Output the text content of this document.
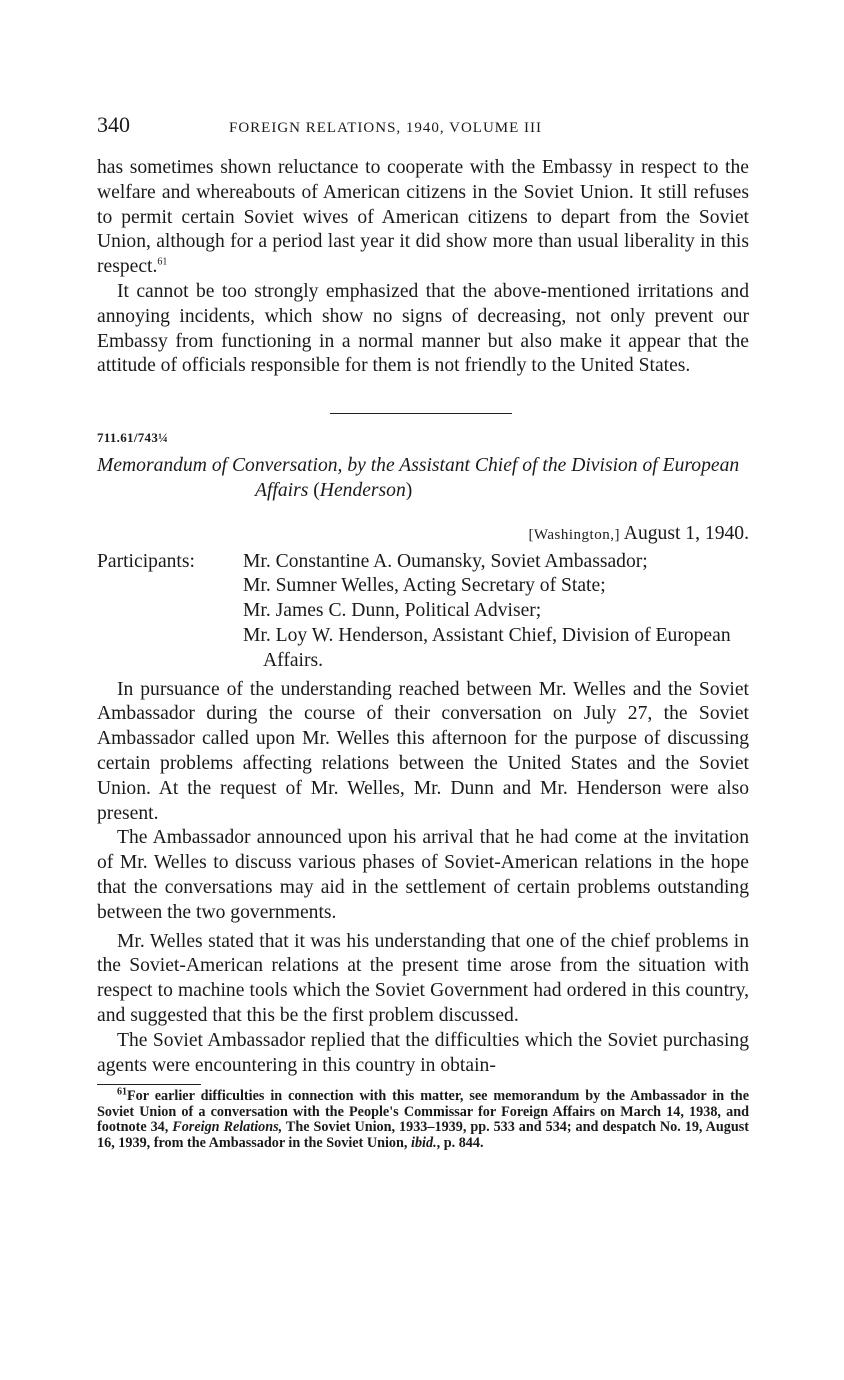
340	FOREIGN RELATIONS, 1940, VOLUME III

has sometimes shown reluctance to cooperate with the Embassy in respect to the welfare and whereabouts of American citizens in the Soviet Union. It still refuses to permit certain Soviet wives of American citizens to depart from the Soviet Union, although for a period last year it did show more than usual liberality in this respect.$^{61}$

It cannot be too strongly emphasized that the above-mentioned irritations and annoying incidents, which show no signs of decreasing, not only prevent our Embassy from functioning in a normal manner but also make it appear that the attitude of officials responsible for them is not friendly to the United States.

711.61/743¼
Memorandum of Conversation, by the Assistant Chief of the Division of European Affairs (Henderson)
[Washington,] August 1, 1940.
Participants:	Mr. Constantine A. Oumansky, Soviet Ambassador;
Mr. Sumner Welles, Acting Secretary of State;
Mr. James C. Dunn, Political Adviser;
Mr. Loy W. Henderson, Assistant Chief, Division of European Affairs.

In pursuance of the understanding reached between Mr. Welles and the Soviet Ambassador during the course of their conversation on July 27, the Soviet Ambassador called upon Mr. Welles this afternoon for the purpose of discussing certain problems affecting relations between the United States and the Soviet Union. At the request of Mr. Welles, Mr. Dunn and Mr. Henderson were also present.

The Ambassador announced upon his arrival that he had come at the invitation of Mr. Welles to discuss various phases of Soviet-American relations in the hope that the conversations may aid in the settlement of certain problems outstanding between the two governments.

Mr. Welles stated that it was his understanding that one of the chief problems in the Soviet-American relations at the present time arose from the situation with respect to machine tools which the Soviet Government had ordered in this country, and suggested that this be the first problem discussed.

The Soviet Ambassador replied that the difficulties which the Soviet purchasing agents were encountering in this country in obtain-

$^{61}$For earlier difficulties in connection with this matter, see memorandum by the Ambassador in the Soviet Union of a conversation with the People's Commissar for Foreign Affairs on March 14, 1938, and footnote 34, Foreign Relations, The Soviet Union, 1933–1939, pp. 533 and 534; and despatch No. 19, August 16, 1939, from the Ambassador in the Soviet Union, ibid., p. 844.
